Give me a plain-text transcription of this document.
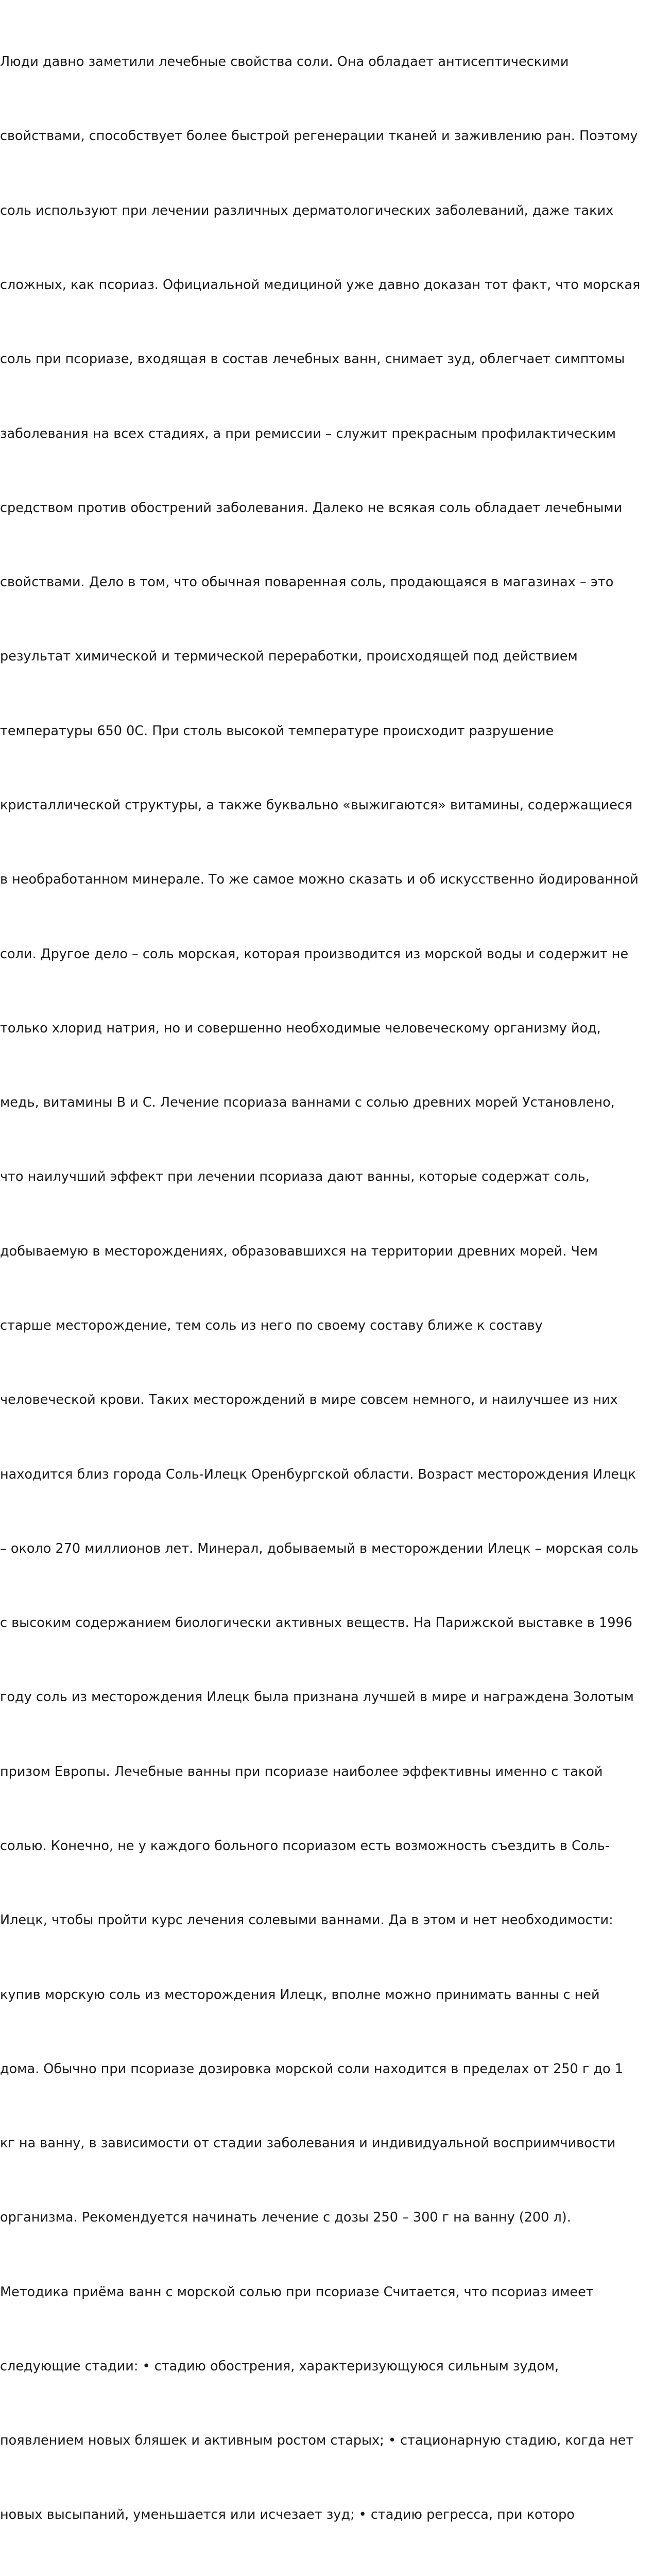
Люди давно заметили лечебные свойства соли. Она обладает антисептическими

свойствами, способствует более быстрой регенерации тканей и заживлению ран. Поэтому

соль используют при лечении различных дерматологических заболеваний, даже таких

сложных, как псориаз. Официальной медициной уже давно доказан тот факт, что морская

соль при псориазе, входящая в состав лечебных ванн, снимает зуд, облегчает симптомы

заболевания на всех стадиях, а при ремиссии – служит прекрасным профилактическим

средством против обострений заболевания. Далеко не всякая соль обладает лечебными

свойствами. Дело в том, что обычная поваренная соль, продающаяся в магазинах – это

результат химической и термической переработки, происходящей под действием

температуры 650 0С. При столь высокой температуре происходит разрушение

кристаллической структуры, а также буквально «выжигаются» витамины, содержащиеся

в необработанном минерале. То же самое можно сказать и об искусственно йодированной

соли. Другое дело – соль морская, которая производится из морской воды и содержит не

только хлорид натрия, но и совершенно необходимые человеческому организму йод,

медь, витамины В и С. Лечение псориаза ваннами с солью древних морей Установлено,

что наилучший эффект при лечении псориаза дают ванны, которые содержат соль,

добываемую в месторождениях, образовавшихся на территории древних морей. Чем

старше месторождение, тем соль из него по своему составу ближе к составу

человеческой крови. Таких месторождений в мире совсем немного, и наилучшее из них

находится близ города Соль-Илецк Оренбургской области. Возраст месторождения Илецк

– около 270 миллионов лет. Минерал, добываемый в месторождении Илецк – морская соль

с высоким содержанием биологически активных веществ. На Парижской выставке в 1996

году соль из месторождения Илецк была признана лучшей в мире и награждена Золотым

призом Европы. Лечебные ванны при псориазе наиболее эффективны именно с такой

солью. Конечно, не у каждого больного псориазом есть возможность съездить в Соль-

Илецк, чтобы пройти курс лечения солевыми ваннами. Да в этом и нет необходимости:

купив морскую соль из месторождения Илецк, вполне можно принимать ванны с ней

дома. Обычно при псориазе дозировка морской соли находится в пределах от 250 г до 1

кг на ванну, в зависимости от стадии заболевания и индивидуальной восприимчивости

организма. Рекомендуется начинать лечение с дозы 250 – 300 г на ванну (200 л).

Методика приёма ванн с морской солью при псориазе Считается, что псориаз имеет

следующие стадии: • стадию обострения, характеризующуюся сильным зудом,

появлением новых бляшек и активным ростом старых; • стационарную стадию, когда нет

новых высыпаний, уменьшается или исчезает зуд; • стадию регресса, при которо
